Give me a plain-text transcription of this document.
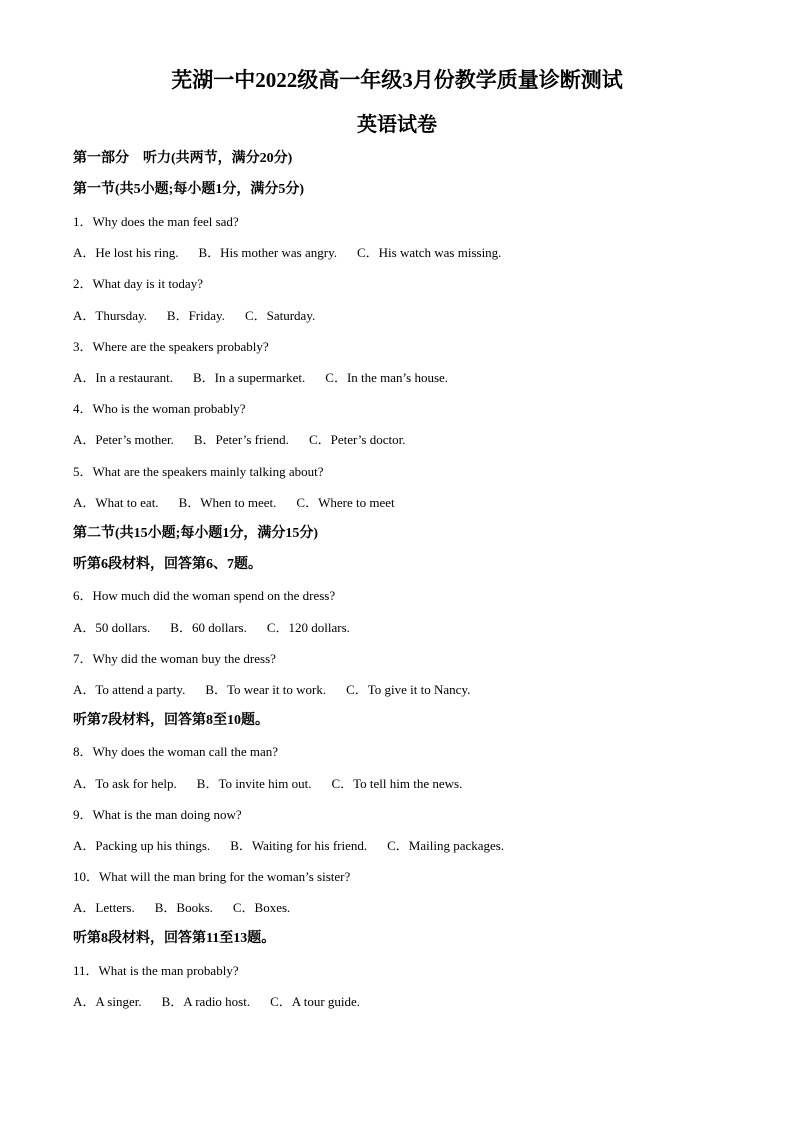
芜湖一中2022级高一年级3月份教学质量诊断测试
英语试卷
第一部分　听力(共两节，满分20分)
第一节(共5小题;每小题1分，满分5分)
1．Why does the man feel sad?
A．He lost his ring. B．His mother was angry. C．His watch was missing.
2．What day is it today?
A．Thursday. B．Friday. C．Saturday.
3．Where are the speakers probably?
A．In a restaurant. B．In a supermarket. C．In the man’s house.
4．Who is the woman probably?
A．Peter’s mother. B．Peter’s friend. C．Peter’s doctor.
5．What are the speakers mainly talking about?
A．What to eat. B．When to meet. C．Where to meet
第二节(共15小题;每小题1分，满分15分)
听第6段材料，回答第6、7题。
6．How much did the woman spend on the dress?
A．50 dollars. B．60 dollars. C．120 dollars.
7．Why did the woman buy the dress?
A．To attend a party. B．To wear it to work. C．To give it to Nancy.
听第7段材料，回答第8至10题。
8．Why does the woman call the man?
A．To ask for help. B．To invite him out. C．To tell him the news.
9．What is the man doing now?
A．Packing up his things. B．Waiting for his friend. C．Mailing packages.
10．What will the man bring for the woman’s sister?
A．Letters. B．Books. C．Boxes.
听第8段材料，回答第11至13题。
11．What is the man probably?
A．A singer. B．A radio host. C．A tour guide.
